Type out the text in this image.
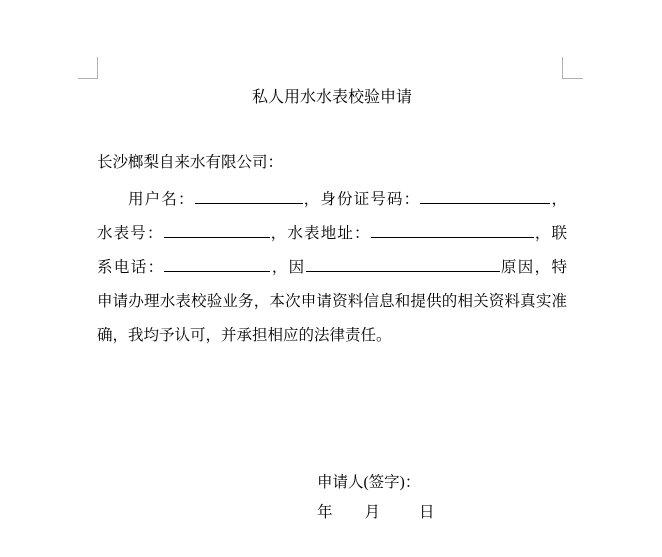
私人用水水表校验申请
长沙榔梨自来水有限公司：
用户名：	，身份证号码：	，
水表号：	，水表地址：	，联
系电话：	，因	原因，特
申请办理水表校验业务，本次申请资料信息和提供的相关资料真实准
确，我均予认可，并承担相应的法律责任。
申请人(签字)：
年 月	日
